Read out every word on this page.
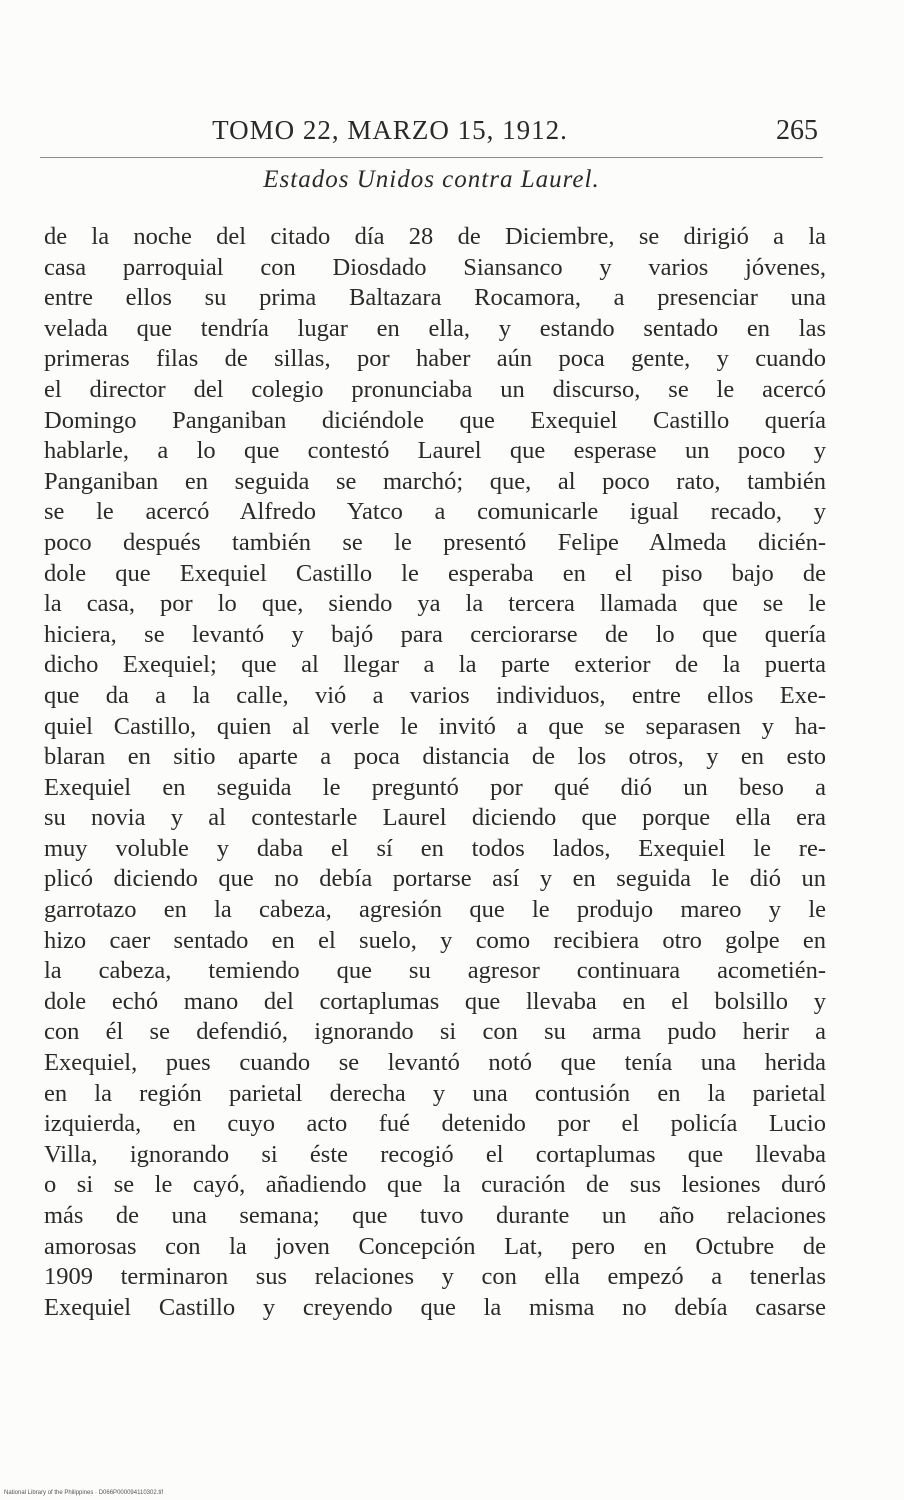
TOMO 22, MARZO 15, 1912.	265
Estados Unidos contra Laurel.
de la noche del citado día 28 de Diciembre, se dirigió a la
casa parroquial con Diosdado Siansanco y varios jóvenes,
entre ellos su prima Baltazara Rocamora, a presenciar una
velada que tendría lugar en ella, y estando sentado en las
primeras filas de sillas, por haber aún poca gente, y cuando
el director del colegio pronunciaba un discurso, se le acercó
Domingo Panganiban diciéndole que Exequiel Castillo quería
hablarle, a lo que contestó Laurel que esperase un poco y
Panganiban en seguida se marchó; que, al poco rato, también
se le acercó Alfredo Yatco a comunicarle igual recado, y
poco después también se le presentó Felipe Almeda dicién-
dole que Exequiel Castillo le esperaba en el piso bajo de
la casa, por lo que, siendo ya la tercera llamada que se le
hiciera, se levantó y bajó para cerciorarse de lo que quería
dicho Exequiel; que al llegar a la parte exterior de la puerta
que da a la calle, vió a varios individuos, entre ellos Exe-
quiel Castillo, quien al verle le invitó a que se separasen y ha-
blaran en sitio aparte a poca distancia de los otros, y en esto
Exequiel en seguida le preguntó por qué dió un beso a
su novia y al contestarle Laurel diciendo que porque ella era
muy voluble y daba el sí en todos lados, Exequiel le re-
plicó diciendo que no debía portarse así y en seguida le dió un
garrotazo en la cabeza, agresión que le produjo mareo y le
hizo caer sentado en el suelo, y como recibiera otro golpe en
la cabeza, temiendo que su agresor continuara acometién-
dole echó mano del cortaplumas que llevaba en el bolsillo y
con él se defendió, ignorando si con su arma pudo herir a
Exequiel, pues cuando se levantó notó que tenía una herida
en la región parietal derecha y una contusión en la parietal
izquierda, en cuyo acto fué detenido por el policía Lucio
Villa, ignorando si éste recogió el cortaplumas que llevaba
o si se le cayó, añadiendo que la curación de sus lesiones duró
más de una semana; que tuvo durante un año relaciones
amorosas con la joven Concepción Lat, pero en Octubre de
1909 terminaron sus relaciones y con ella empezó a tenerlas
Exequiel Castillo y creyendo que la misma no debía casarse
National Library of the Philippines · D066P000094110302.tif
